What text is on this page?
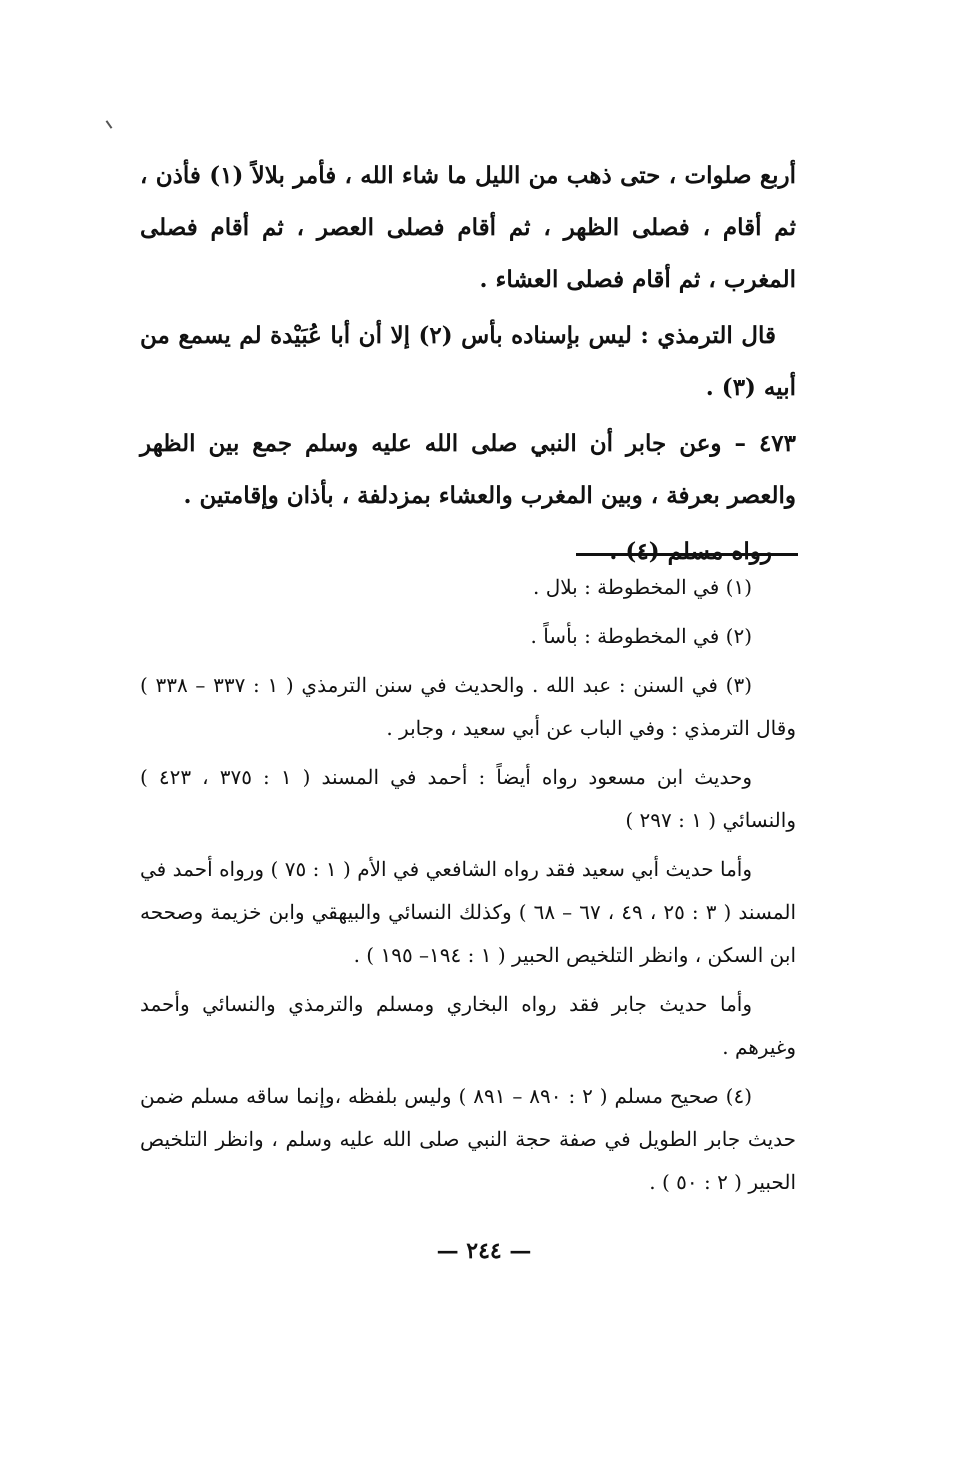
أربع صلوات ، حتى ذهب من الليل ما شاء الله ، فأمر بلالاً (١) فأذن ، ثم أقام ، فصلى الظهر ، ثم أقام فصلى العصر ، ثم أقام فصلى المغرب ، ثم أقام فصلى العشاء .

قال الترمذي : ليس بإسناده بأس (٢) إلا أن أبا عُبَيْدة لم يسمع من أبيه (٣) .

٤٧٣ – وعن جابر أن النبي صلى الله عليه وسلم جمع بين الظهر والعصر بعرفة ، وبين المغرب والعشاء بمزدلفة ، بأذان وإقامتين .

رواه مسلم (٤) .

(١) في المخطوطة : بلال .

(٢) في المخطوطة : بأساً .

(٣) في السنن : عبد الله . والحديث في سنن الترمذي ( ١ : ٣٣٧ – ٣٣٨ ) وقال الترمذي : وفي الباب عن أبي سعيد ، وجابر .

وحديث ابن مسعود رواه أيضاً : أحمد في المسند ( ١ : ٣٧٥ ، ٤٢٣ ) والنسائي ( ١ : ٢٩٧ )

وأما حديث أبي سعيد فقد رواه الشافعي في الأم ( ١ : ٧٥ ) ورواه أحمد في المسند ( ٣ : ٢٥ ، ٤٩ ، ٦٧ – ٦٨ ) وكذلك النسائي والبيهقي وابن خزيمة وصححه ابن السكن ، وانظر التلخيص الحبير ( ١ : ١٩٤– ١٩٥ ) .

وأما حديث جابر فقد رواه البخاري ومسلم والترمذي والنسائي وأحمد وغيرهم .

(٤) صحيح مسلم ( ٢ : ٨٩٠ – ٨٩١ ) وليس بلفظه ،وإنما ساقه مسلم ضمن حديث جابر الطويل في صفة حجة النبي صلى الله عليه وسلم ، وانظر التلخيص الحبير ( ٢ : ٥٠ ) .

— ٢٤٤ —
